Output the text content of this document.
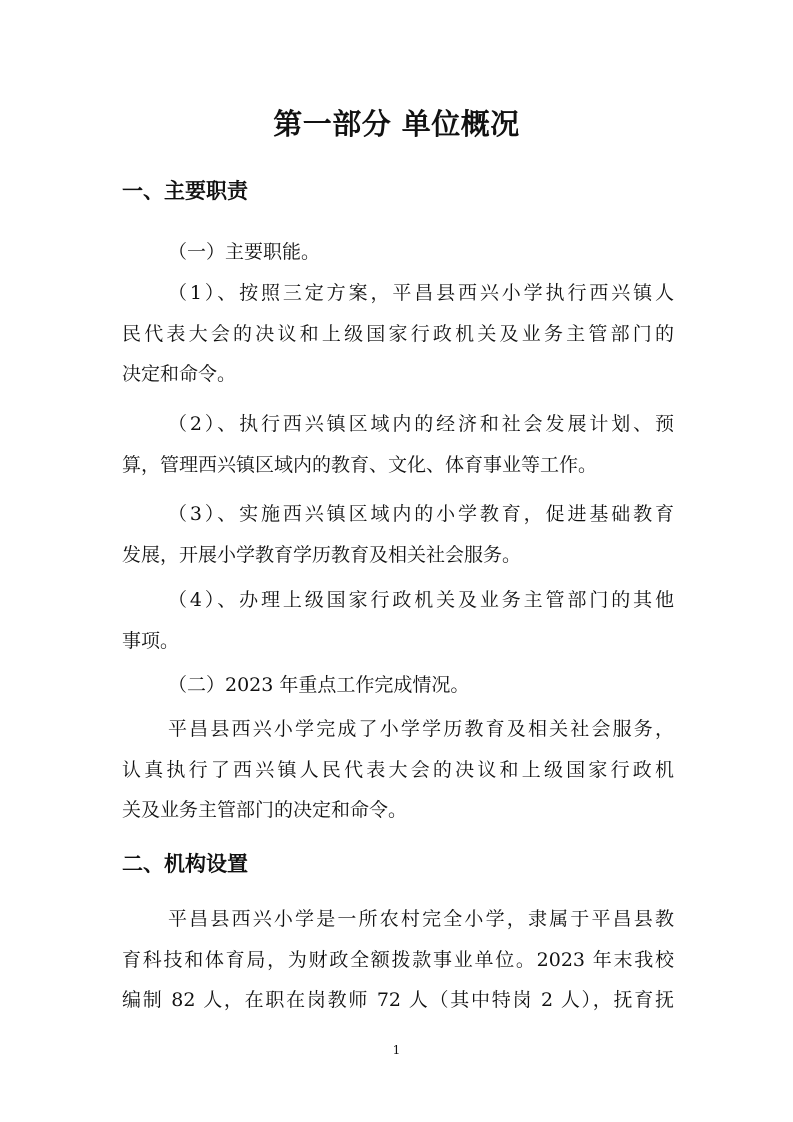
第一部分 单位概况
一、主要职责

（一）主要职能。

（1）、按照三定方案，平昌县西兴小学执行西兴镇人
民代表大会的决议和上级国家行政机关及业务主管部门的
决定和命令。

（2）、执行西兴镇区域内的经济和社会发展计划、预
算，管理西兴镇区域内的教育、文化、体育事业等工作。

（3）、实施西兴镇区域内的小学教育，促进基础教育
发展，开展小学教育学历教育及相关社会服务。

（4）、办理上级国家行政机关及业务主管部门的其他
事项。

（二）2023 年重点工作完成情况。

平昌县西兴小学完成了小学学历教育及相关社会服务，
认真执行了西兴镇人民代表大会的决议和上级国家行政机
关及业务主管部门的决定和命令。

二、机构设置

平昌县西兴小学是一所农村完全小学，隶属于平昌县教
育科技和体育局，为财政全额拨款事业单位。2023 年末我校
编制 82 人，在职在岗教师 72 人（其中特岗 2 人），抚育抚

1
